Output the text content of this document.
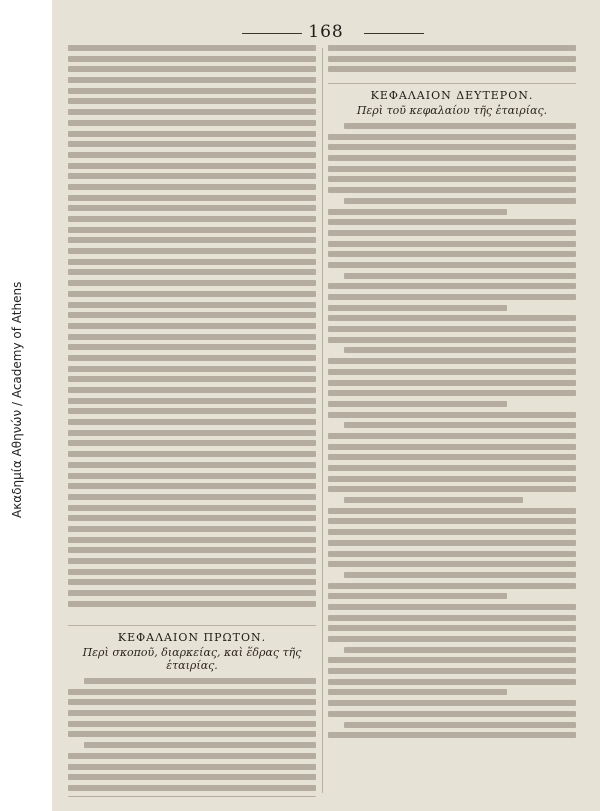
Ακαδημία Αθηνών / Academy of Athens
168
ΚΕΦΑΛΑΙΟΝ ΠΡΩΤΟΝ.
Περὶ σκοποῦ, διαρκείας, καὶ ἕδρας τῆς ἑταιρίας.
ΚΕΦΑΛΑΙΟΝ ΔΕΥΤΕΡΟΝ.
Περὶ τοῦ κεφαλαίου τῆς ἑταιρίας.
